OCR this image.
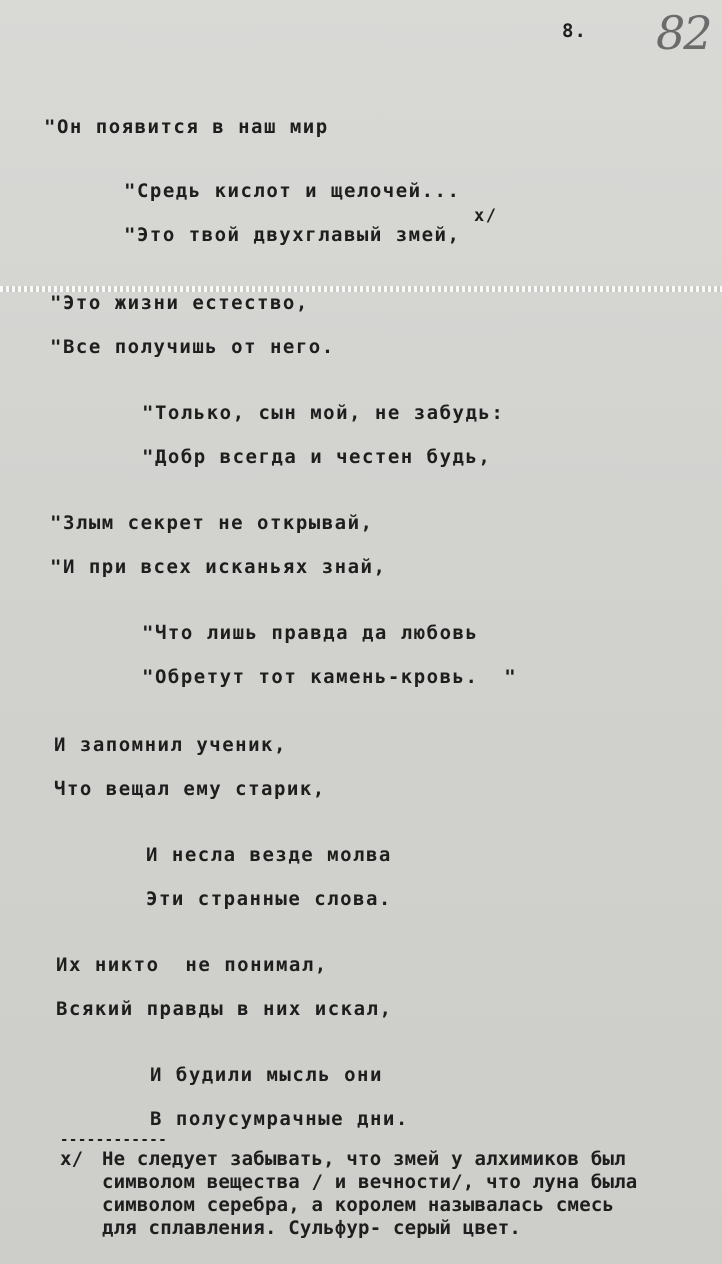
8. 82
"Он появится в наш мир
"Средь кислот и щелочей...
"Это твой двухглавый змей,
x/
"Это жизни естество,
"Все получишь от него.
"Только, сын мой, не забудь:
"Добр всегда и честен будь,
"Злым секрет не открывай,
"И при всех исканьях знай,
"Что лишь правда да любовь
"Обретут тот камень-кровь.  "
И запомнил ученик,
Что вещал ему старик,
И несла везде молва
Эти странные слова.
Их никто  не понимал,
Всякий правды в них искал,
И будили мысль они
В полусумрачные дни.
------------
x/ Не следует забывать, что змей у алхимиков был
символом вещества / и вечности/, что луна была
символом серебра, а королем называлась смесь
для сплавления. Сульфур- серый цвет.
